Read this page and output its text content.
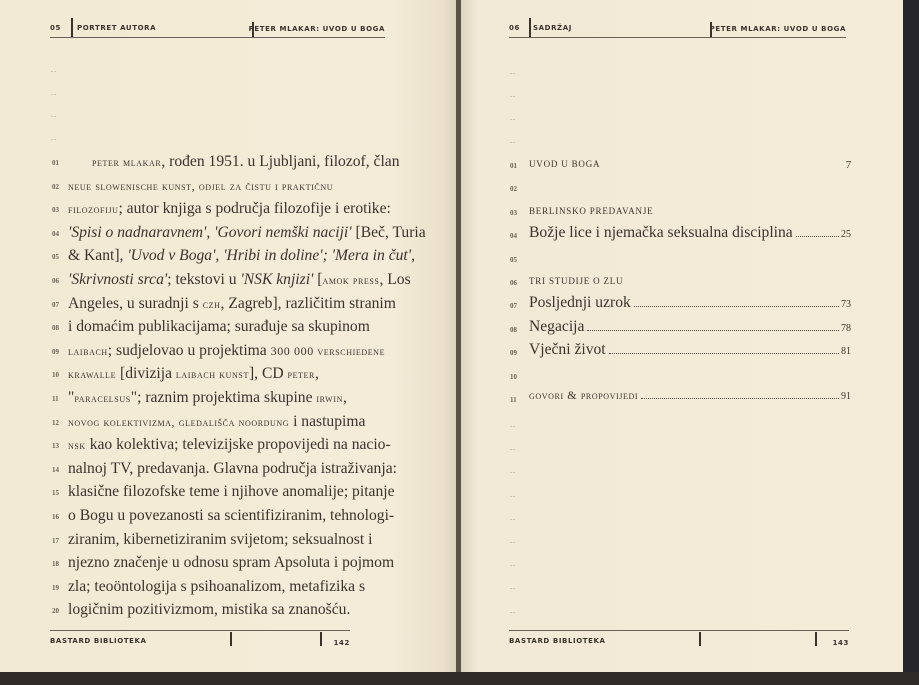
05 PORTRET AUTORA	PETER MLAKAR: UVOD U BOGA
..
..
..
..
01	peter mlakar, rođen 1951. u Ljubljani, filozof, član
02 neue slowenische kunst, odjel za čistu i praktičnu
03 filozofiju; autor knjiga s područja filozofije i erotike:
04 'Spisi o nadnaravnem', 'Govori nemški naciji' [Beč, Turia
05 & Kant], 'Uvod v Boga', 'Hribi in doline'; 'Mera in čut',
06 'Skrivnosti srca'; tekstovi u 'NSK knjizi' [amok press, Los
07 Angeles, u suradnji s czh, Zagreb], različitim stranim
08 i domaćim publikacijama; surađuje sa skupinom
09 laibach; sudjelovao u projektima 300 000 verschiedene
10 krawalle [divizija laibach kunst], CD peter,
11 "paracelsus"; raznim projektima skupine irwin,
12 novog kolektivizma, gledališča noordung i nastupima
13 nsk kao kolektiva; televizijske propovijedi na nacio-
14 nalnoj TV, predavanja. Glavna područja istraživanja:
15 klasične filozofske teme i njihove anomalije; pitanje
16 o Bogu u povezanosti sa scientifiziranim, tehnologi-
17 ziranim, kibernetiziranim svijetom; seksualnost i
18 njezno značenje u odnosu spram Apsoluta i pojmom
19 zla; teoöntologija s psihoanalizom, metafizika s
20 logičnim pozitivizmom, mistika sa znanošću.
BASTARD BIBLIOTEKA	142
06 SADRŽAJ	PETER MLAKAR: UVOD U BOGA
..
..
..
..
01 UVOD U BOGA	7
02
03 BERLINSKO PREDAVANJE
04 Božje lice i njemačka seksualna disciplina	25
05
06 TRI STUDIJE O ZLU
07 Posljednji uzrok	73
08 Negacija	78
09 Vječni život	81
10
11 govori & propovijedi	91
..
..
..
..
..
..
..
..
..
BASTARD BIBLIOTEKA	143
